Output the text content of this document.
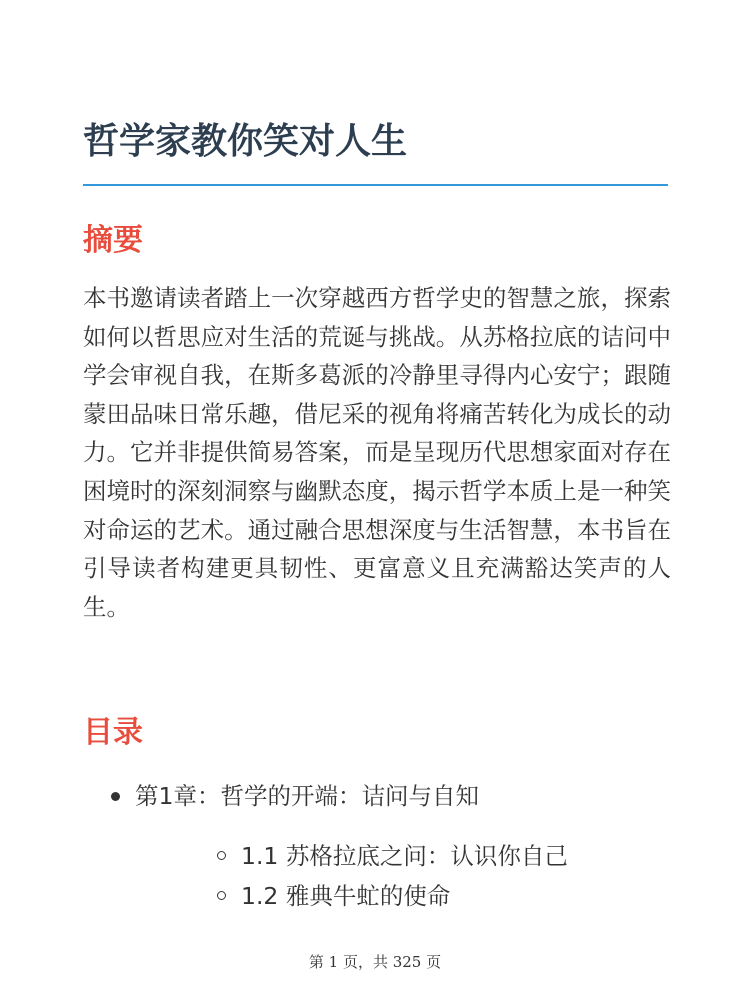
哲学家教你笑对人生
摘要

本书邀请读者踏上一次穿越西方哲学史的智慧之旅，探索如何以哲思应对生活的荒诞与挑战。从苏格拉底的诘问中学会审视自我，在斯多葛派的冷静里寻得内心安宁；跟随蒙田品味日常乐趣，借尼采的视角将痛苦转化为成长的动力。它并非提供简易答案，而是呈现历代思想家面对存在困境时的深刻洞察与幽默态度，揭示哲学本质上是一种笑对命运的艺术。通过融合思想深度与生活智慧，本书旨在引导读者构建更具韧性、更富意义且充满豁达笑声的人生。

目录
第1章：哲学的开端：诘问与自知
1.1 苏格拉底之问：认识你自己
1.2 雅典牛虻的使命
第 1 页，共 325 页
